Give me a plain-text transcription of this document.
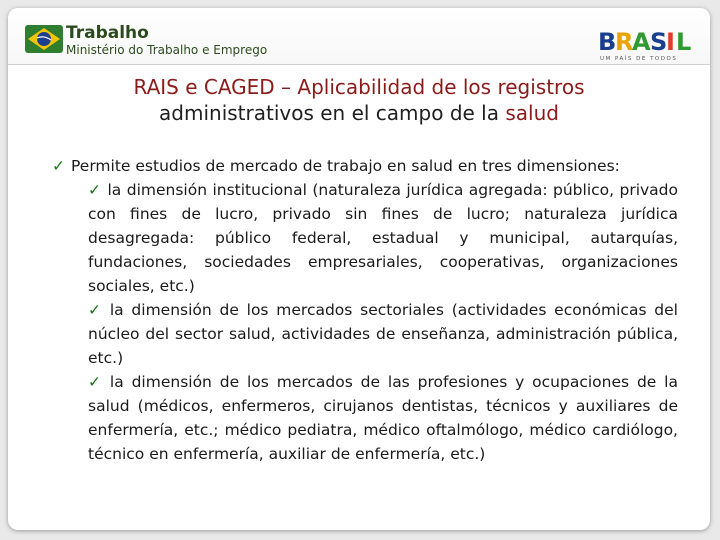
Trabalho
Ministério do Trabalho e Emprego	B R A S I L
UM PAÍS DE TODOS
RAIS e CAGED – Aplicabilidad de los registros
administrativos en el campo de la salud

✓ Permite estudios de mercado de trabajo en salud en tres dimensiones:

✓ la dimensión institucional (naturaleza jurídica agregada: público, privado con fines de lucro, privado sin fines de lucro; naturaleza jurídica desagregada: público federal, estadual y municipal, autarquías, fundaciones, sociedades empresariales, cooperativas, organizaciones sociales, etc.)

✓ la dimensión de los mercados sectoriales (actividades económicas del núcleo del sector salud, actividades de enseñanza, administración pública, etc.)

✓ la dimensión de los mercados de las profesiones y ocupaciones de la salud (médicos, enfermeros, cirujanos dentistas, técnicos y auxiliares de enfermería, etc.; médico pediatra, médico oftalmólogo, médico cardiólogo, técnico en enfermería, auxiliar de enfermería, etc.)
